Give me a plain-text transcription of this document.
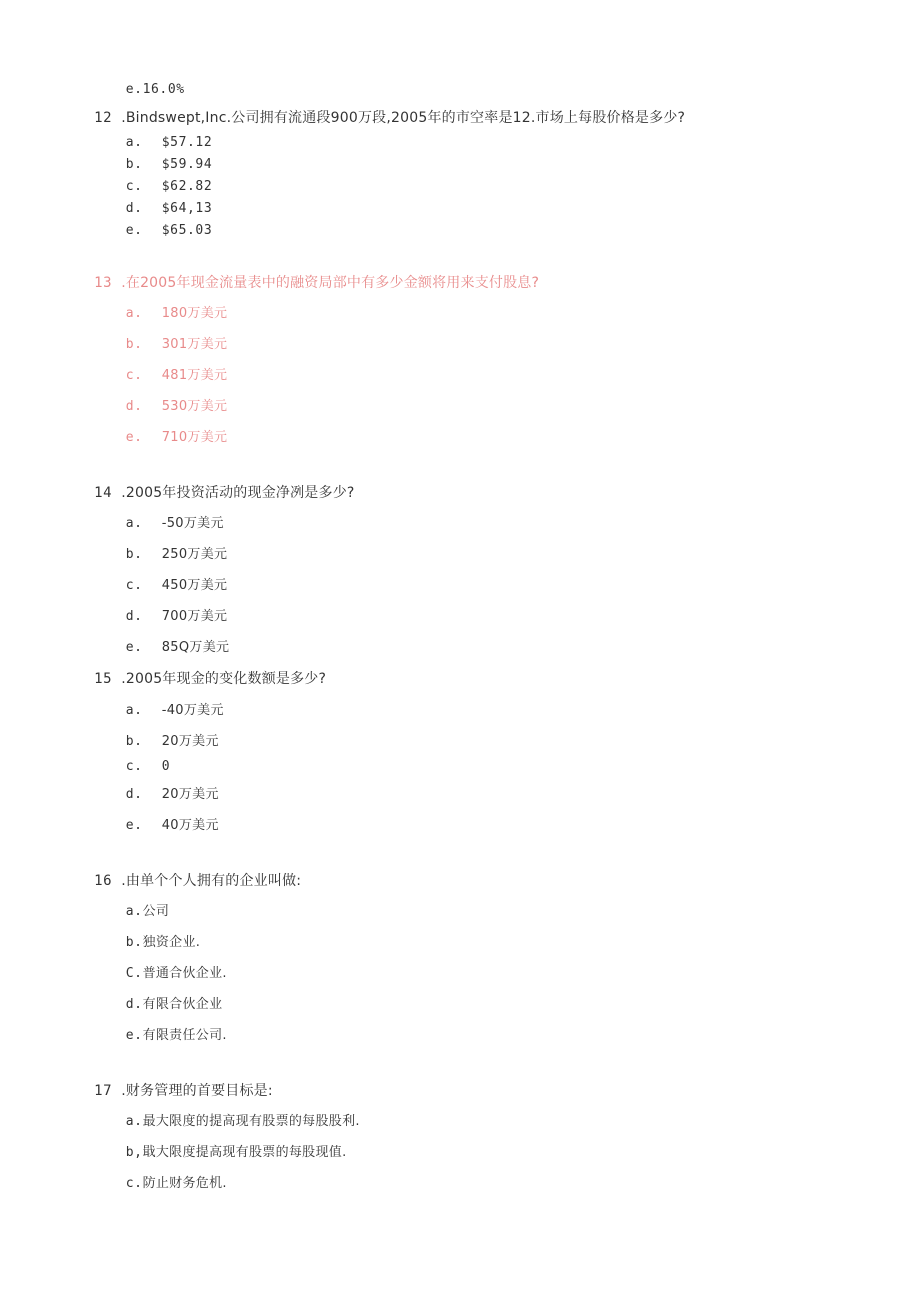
e.16.0%

12 .Bindswept,Inc.公司拥有流通段900万段,2005年的市空率是12.市场上每股价格是多少?

a. $57.12

b. $59.94

c. $62.82

d. $64,13

e. $65.03

13 .在2005年现金流量表中的融资局部中有多少金额将用来支付股息?

a. 180万美元

b. 301万美元

c. 481万美元

d. 530万美元

e. 710万美元

14 .2005年投资活动的现金净冽是多少?

a. -50万美元

b. 250万美元

c. 450万美元

d. 700万美元

e. 85Q万美元

15 .2005年现金的变化数额是多少?

a. -40万美元

b. 20万美元

c. 0

d. 20万美元

e. 40万美元

16 .由单个个人拥有的企业叫做:

a.公司

b.独资企业.

C.普通合伙企业.

d.有限合伙企业

e.有限责任公司.

17 .财务管理的首要目标是:

a.最大限度的提高现有股票的每股股利.

b,戢大限度提高现有股票的每股现值.

c.防止财务危机.
